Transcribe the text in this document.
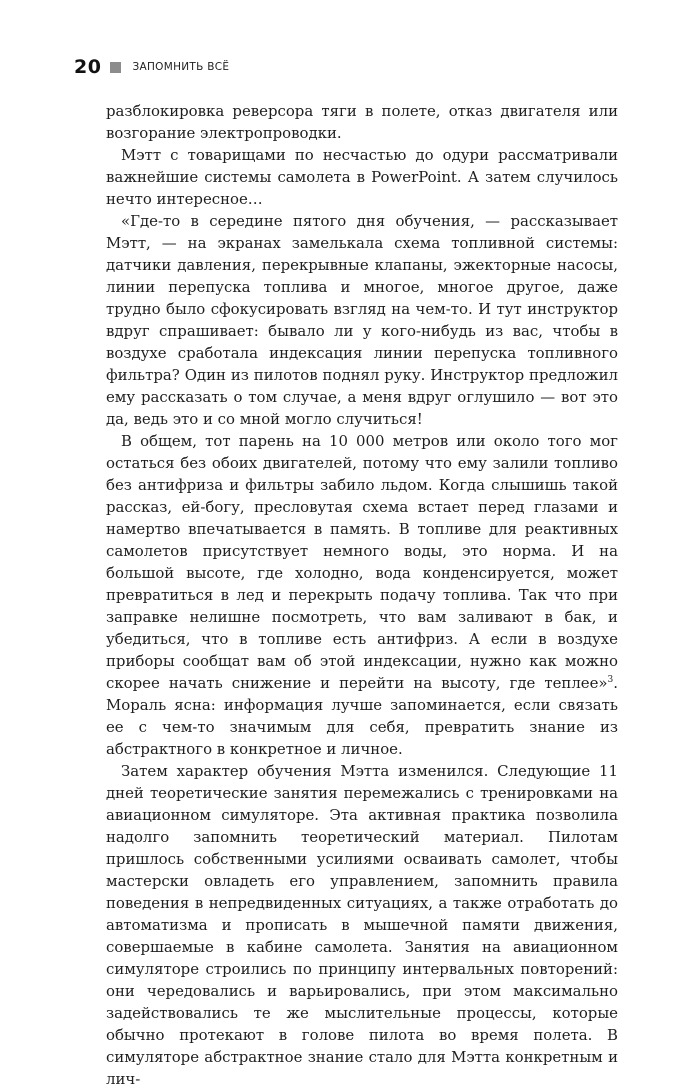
20	ЗАПОМНИТЬ ВСЁ

разблокировка реверсора тяги в полете, отказ двигателя или возгорание электропроводки.

Мэтт с товарищами по несчастью до одури рассматривали важнейшие системы самолета в PowerPoint. А затем случилось нечто интересное…

«Где-то в середине пятого дня обучения, — рассказывает Мэтт, — на экранах замелькала схема топливной системы: датчики давления, перекрывные клапаны, эжекторные насосы, линии перепуска топлива и многое, многое другое, даже трудно было сфокусировать взгляд на чем-то. И тут инструктор вдруг спрашивает: бывало ли у кого-нибудь из вас, чтобы в воздухе сработала индексация линии перепуска топливного фильтра? Один из пилотов поднял руку. Инструктор предложил ему рассказать о том случае, а меня вдруг оглушило — вот это да, ведь это и со мной могло случиться!

В общем, тот парень на 10 000 метров или около того мог остаться без обоих двигателей, потому что ему залили топливо без антифриза и фильтры забило льдом. Когда слышишь такой рассказ, ей-богу, пресловутая схема встает перед глазами и намертво впечатывается в память. В топливе для реактивных самолетов присутствует немного воды, это норма. И на большой высоте, где холодно, вода конденсируется, может превратиться в лед и перекрыть подачу топлива. Так что при заправке нелишне посмотреть, что вам заливают в бак, и убедиться, что в топливе есть антифриз. А если в воздухе приборы сообщат вам об этой индексации, нужно как можно скорее начать снижение и перейти на высоту, где теплее»$^3$. Мораль ясна: информация лучше запоминается, если связать ее с чем-то значимым для себя, превратить знание из абстрактного в конкретное и личное.

Затем характер обучения Мэтта изменился. Следующие 11 дней теоретические занятия перемежались с тренировками на авиационном симуляторе. Эта активная практика позволила надолго запомнить теоретический материал. Пилотам пришлось собственными усилиями осваивать самолет, чтобы мастерски овладеть его управлением, запомнить правила поведения в непредвиденных ситуациях, а также отработать до автоматизма и прописать в мышечной памяти движения, совершаемые в кабине самолета. Занятия на авиационном симуляторе строились по принципу интервальных повторений: они чередовались и варьировались, при этом максимально задействовались те же мыслительные процессы, которые обычно протекают в голове пилота во время полета. В симуляторе абстрактное знание стало для Мэтта конкретным и лич-
